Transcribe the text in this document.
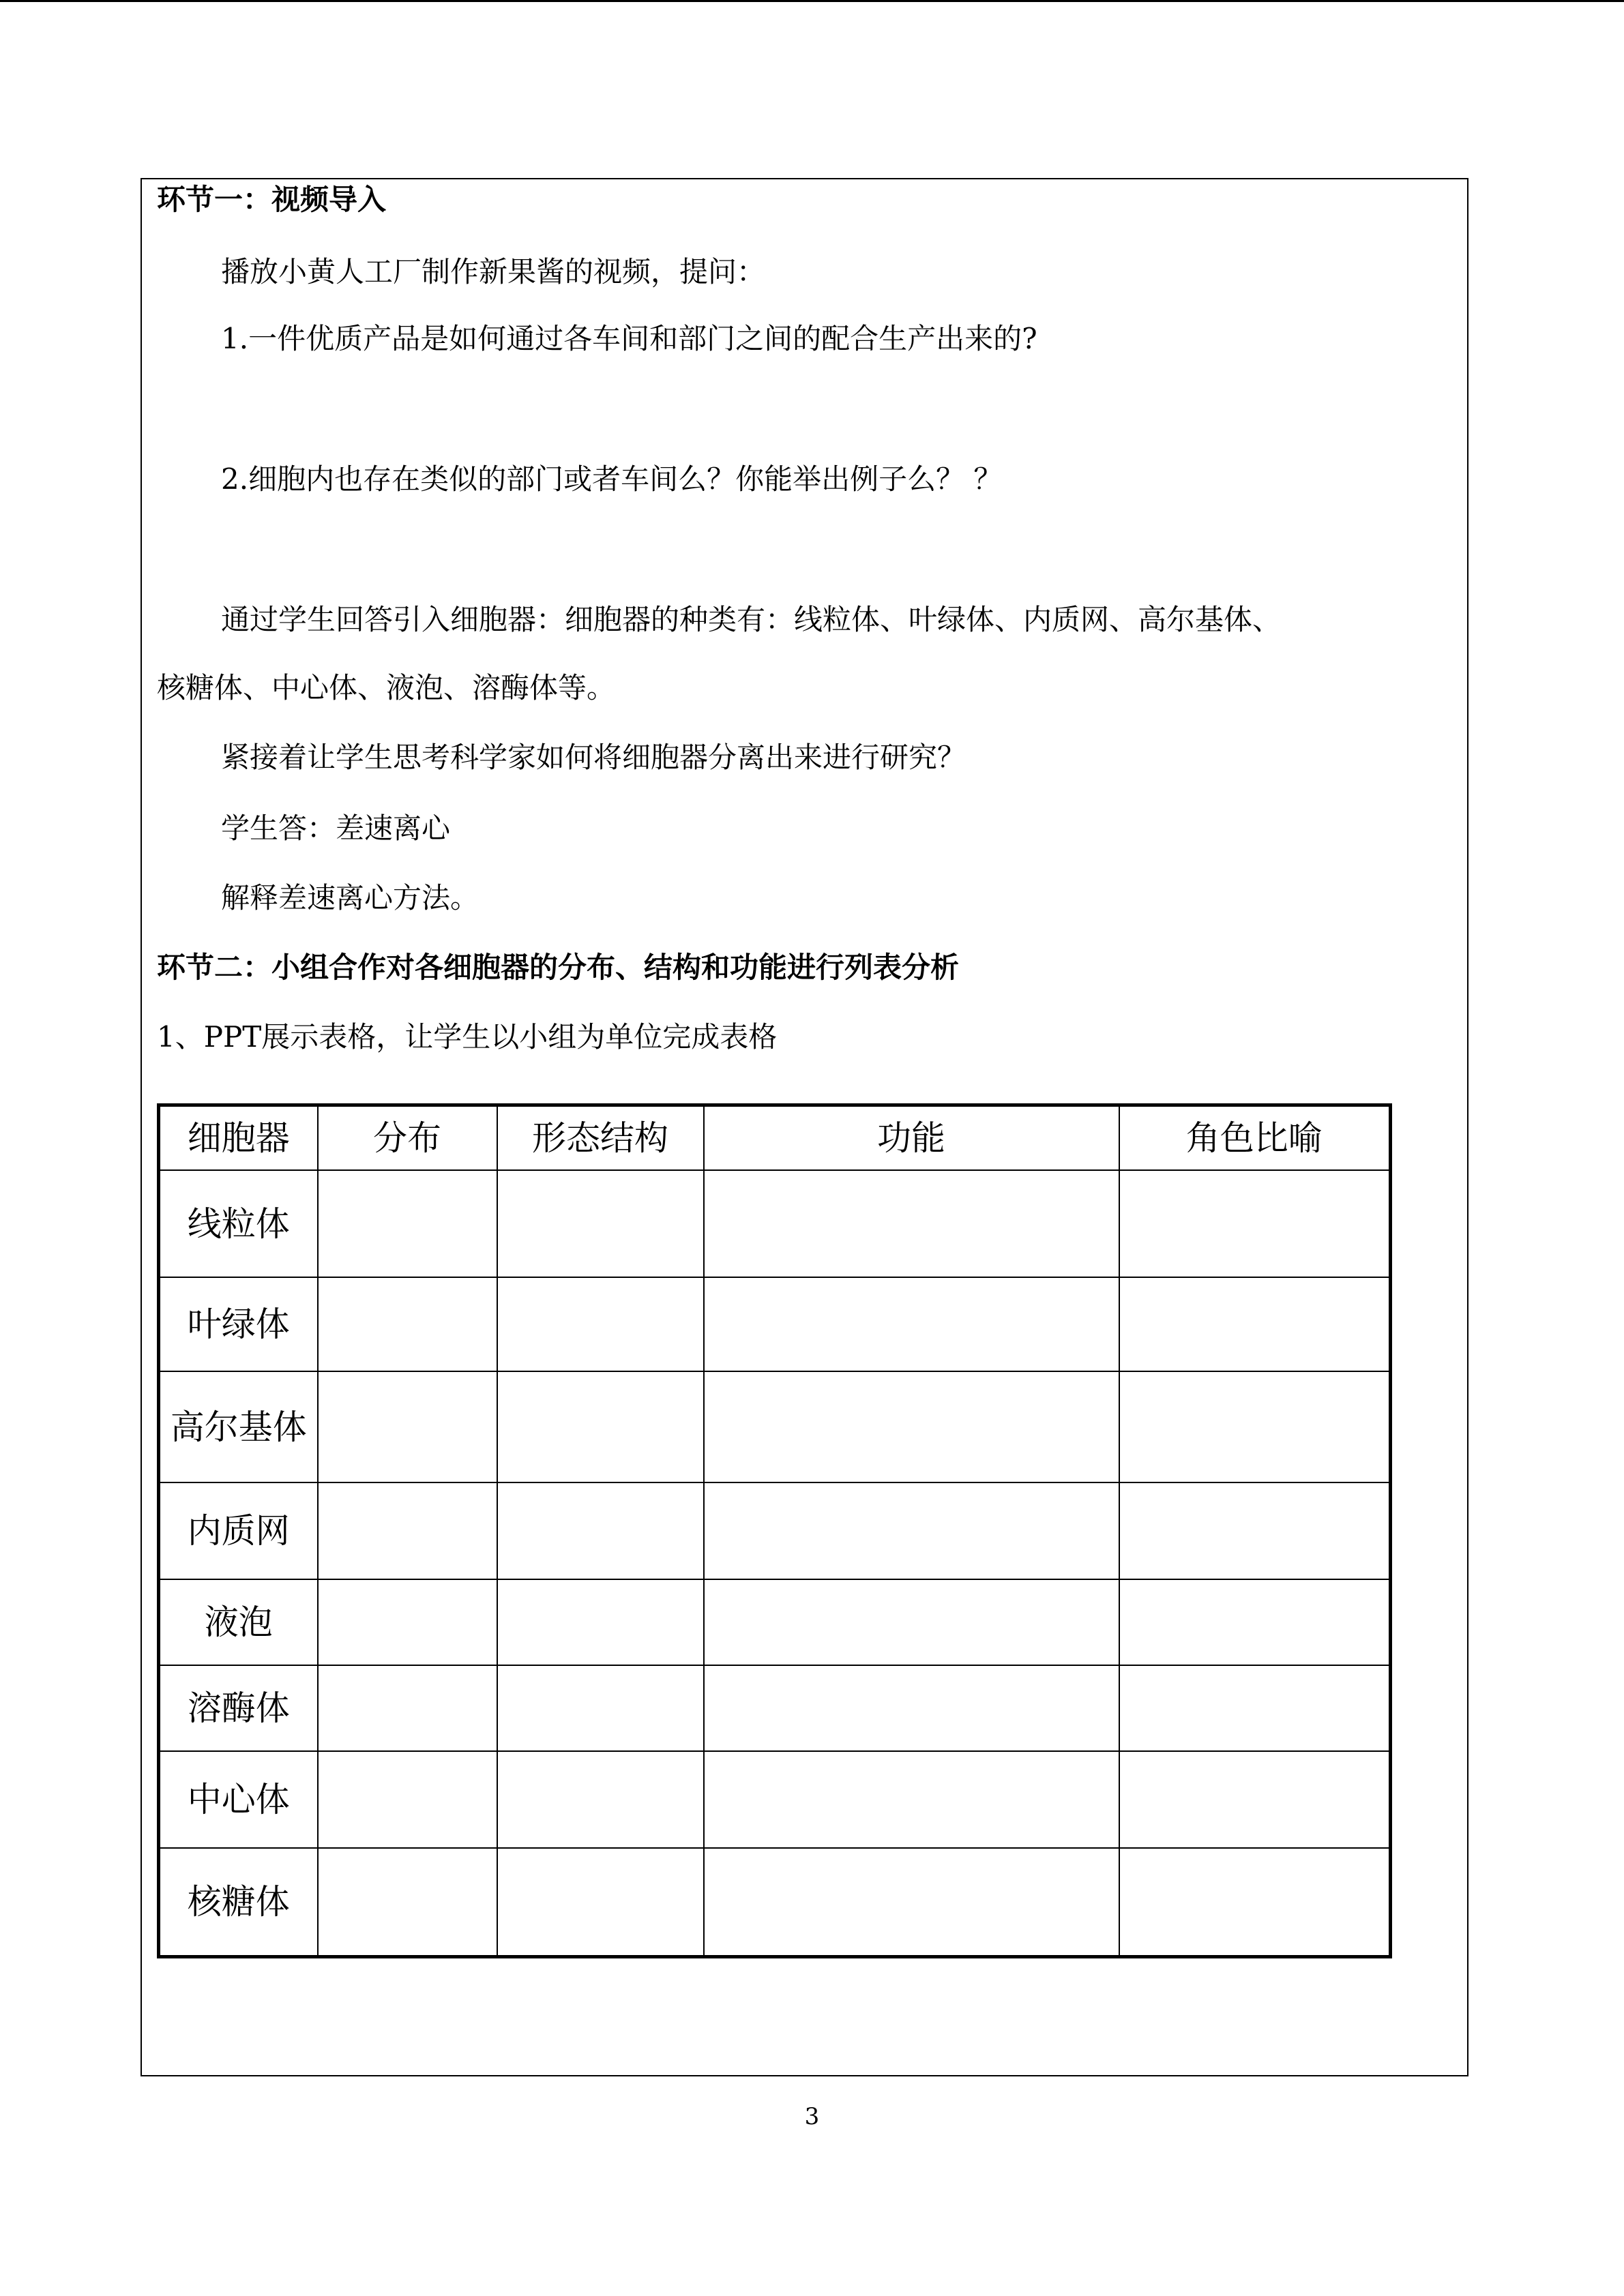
环节一：视频导入
播放小黄人工厂制作新果酱的视频，提问：
1.一件优质产品是如何通过各车间和部门之间的配合生产出来的?
2.细胞内也存在类似的部门或者车间么？你能举出例子么？ ？
通过学生回答引入细胞器：细胞器的种类有：线粒体、叶绿体、内质网、高尔基体、
核糖体、中心体、液泡、溶酶体等。
紧接着让学生思考科学家如何将细胞器分离出来进行研究？
学生答：差速离心
解释差速离心方法。
环节二：小组合作对各细胞器的分布、结构和功能进行列表分析
1、PPT展示表格，让学生以小组为单位完成表格
细胞器	分布	形态结构	功能	角色比喻
线粒体				
叶绿体				
高尔基体				
内质网				
液泡				
溶酶体				
中心体				
核糖体				
3
